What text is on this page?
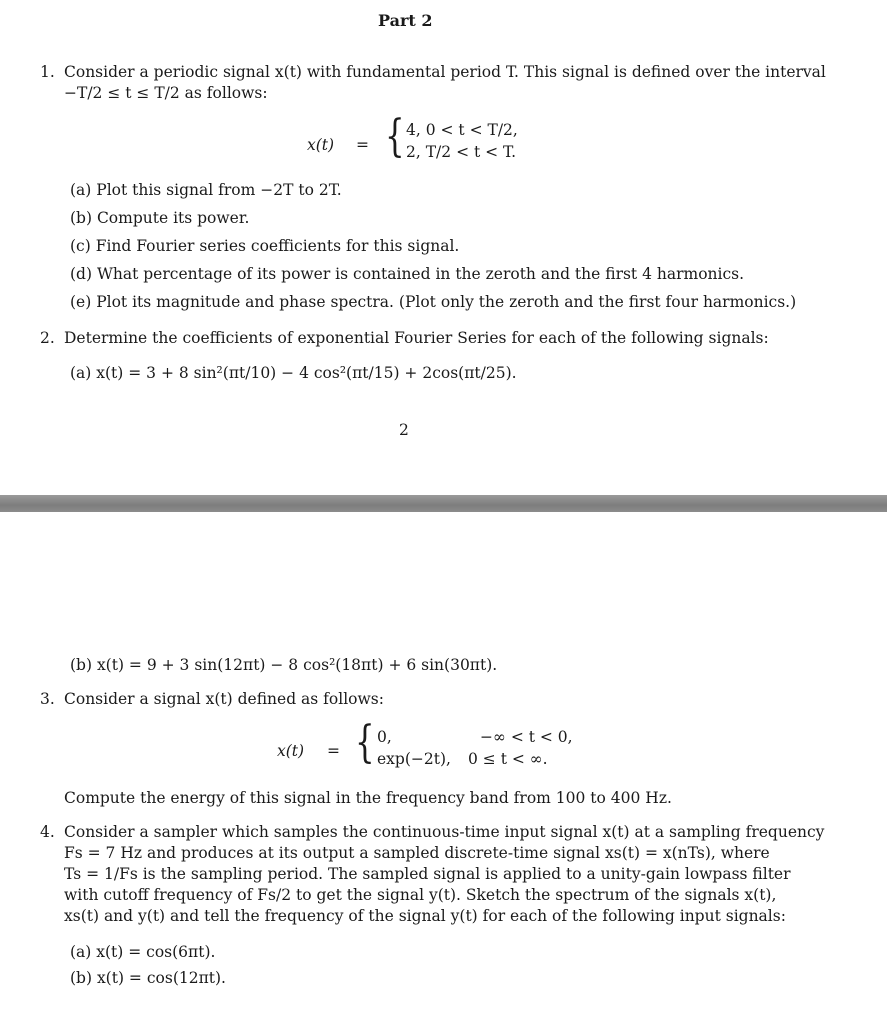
Part 2
1. Consider a periodic signal x(t) with fundamental period T. This signal is defined over the interval
−T/2 ≤ t ≤ T/2 as follows:
x(t) = { 4, 0 < t < T/2,
2, T/2 < t < T.
(a) Plot this signal from −2T to 2T.
(b) Compute its power.
(c) Find Fourier series coefficients for this signal.
(d) What percentage of its power is contained in the zeroth and the first 4 harmonics.
(e) Plot its magnitude and phase spectra. (Plot only the zeroth and the first four harmonics.)
2. Determine the coefficients of exponential Fourier Series for each of the following signals:
(a) x(t) = 3 + 8 sin²(πt/10) − 4 cos²(πt/15) + 2cos(πt/25).
2
(b) x(t) = 9 + 3 sin(12πt) − 8 cos²(18πt) + 6 sin(30πt).
3. Consider a signal x(t) defined as follows:
x(t) = { 0,	−∞ < t < 0,
exp(−2t), 0 ≤ t < ∞.
Compute the energy of this signal in the frequency band from 100 to 400 Hz.
4. Consider a sampler which samples the continuous-time input signal x(t) at a sampling frequency
Fs = 7 Hz and produces at its output a sampled discrete-time signal xs(t) = x(nTs), where
Ts = 1/Fs is the sampling period. The sampled signal is applied to a unity-gain lowpass filter
with cutoff frequency of Fs/2 to get the signal y(t). Sketch the spectrum of the signals x(t),
xs(t) and y(t) and tell the frequency of the signal y(t) for each of the following input signals:
(a) x(t) = cos(6πt).
(b) x(t) = cos(12πt).
